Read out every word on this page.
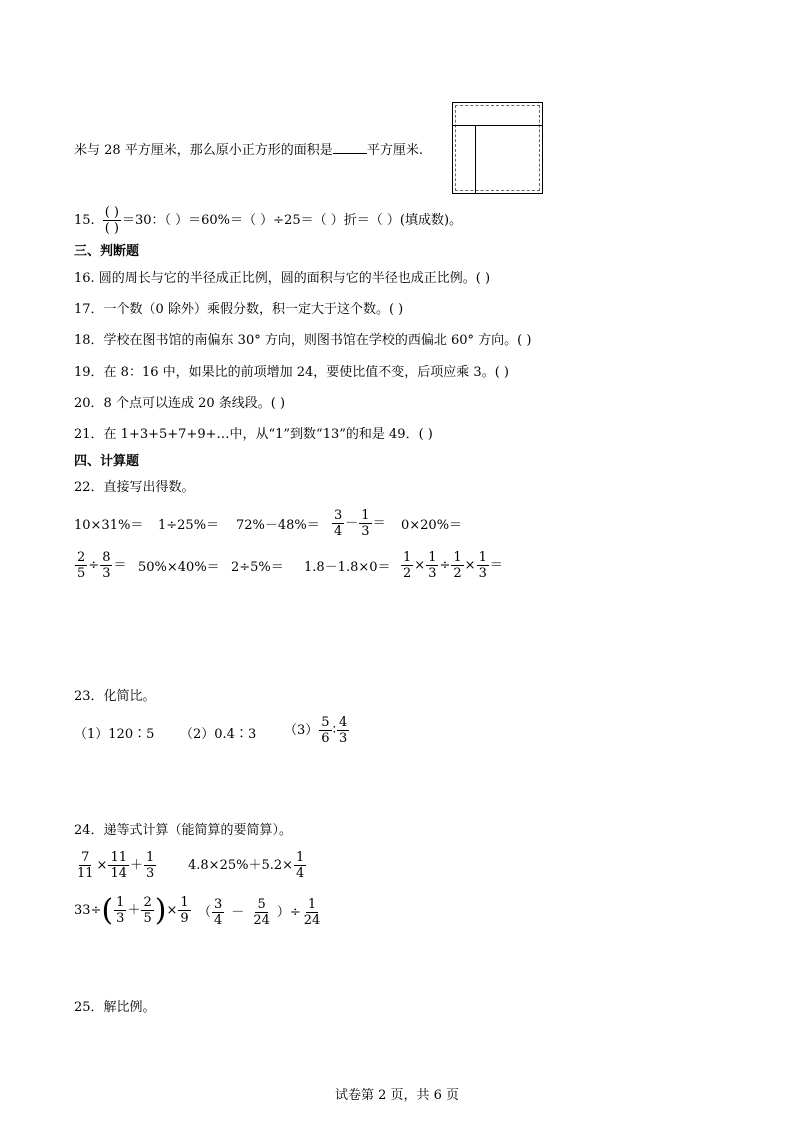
米与 28 平方厘米，那么原小正方形的面积是	平方厘米.
15. $\frac{( )}{( )} =30$：（ ）＝60%＝（ ）÷25＝（ ）折＝（ ）(填成数)。
三、判断题
16. 圆的周长与它的半径成正比例，圆的面积与它的半径也成正比例。( )
17．一个数（0 除外）乘假分数，积一定大于这个数。( )
18．学校在图书馆的南偏东 30° 方向，则图书馆在学校的西偏北 60° 方向。( )
19．在 8：16 中，如果比的前项增加 24，要使比值不变，后项应乘 3。( )
20．8 个点可以连成 20 条线段。( )
21．在 1+3+5+7+9+…中，从“1”到数“13”的和是 49．( )
四、计算题
22．直接写出得数。
$10\times 31\%= 1\div 25\%= 72\%-48\%= \frac{3}{4} - \frac{1}{3} = 0\times 20\%=$
$\frac{2}{5} \div \frac{8}{3} = 50\%\times 40\%= 2\div 5\%= 1.8-1.8\times 0= \frac{1}{2} \times \frac{1}{3} \div \frac{1}{2} \times \frac{1}{3}$ ＝
23．化简比。
（1）120∶5 （2）0.4∶3 $(3) \frac{5}{6}$ ∶ $\frac{4}{3}$
24．递等式计算（能简算的要简算）。
$\frac{7}{11} \times \frac{11}{14} + \frac{1}{3} 4.8\times 25\%+5.2\times \frac{1}{4}$
33÷ ( $\frac{1}{3} + \frac{2}{5}$ ) × $\frac{1}{9}$ （ $\frac{3}{4} - \frac{5}{24}$ ）÷ $\frac{1}{24}$
25．解比例。
试卷第 2 页，共 6 页
